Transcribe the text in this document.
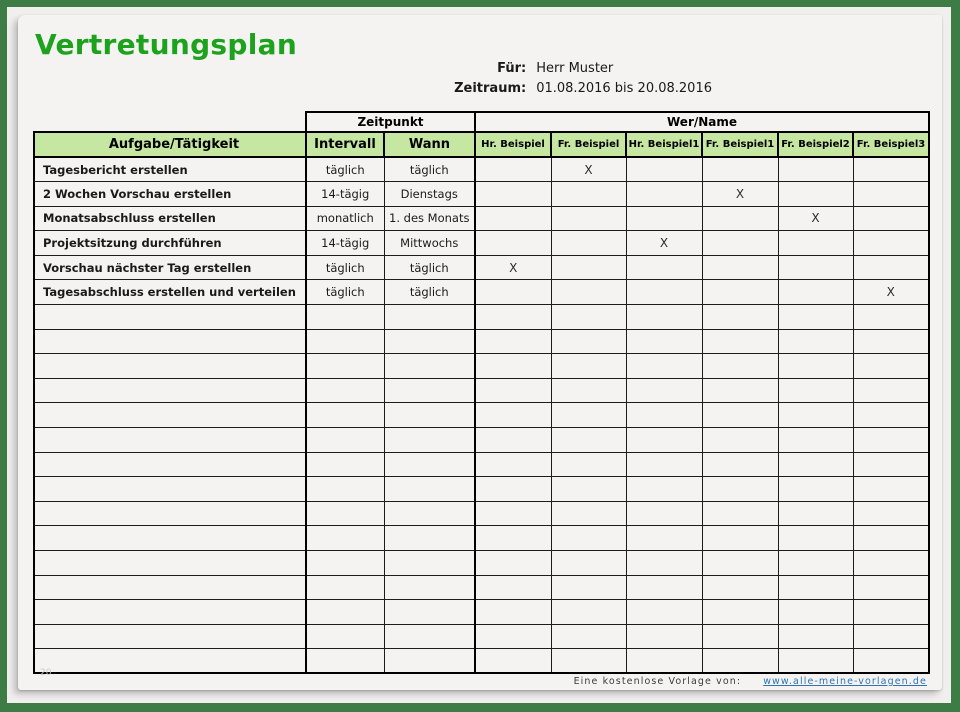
Vertretungsplan
Für: Herr Muster
Zeitraum: 01.08.2016 bis 20.08.2016
	Zeitpunkt		Wer/Name					
Aufgabe/Tätigkeit	Intervall	Wann	Hr. Beispiel	Fr. Beispiel	Hr. Beispiel1	Fr. Beispiel1	Fr. Beispiel2	Fr. Beispiel3
Tagesbericht erstellen	täglich	täglich		X				
2 Wochen Vorschau erstellen	14-tägig	Dienstags				X		
Monatsabschluss erstellen	monatlich	1. des Monats					X	
Projektsitzung durchführen	14-tägig	Mittwochs			X			
Vorschau nächster Tag erstellen	täglich	täglich	X					
Tagesabschluss erstellen und verteilen	täglich	täglich						X

20
Eine kostenlose Vorlage von: www.alle-meine-vorlagen.de
